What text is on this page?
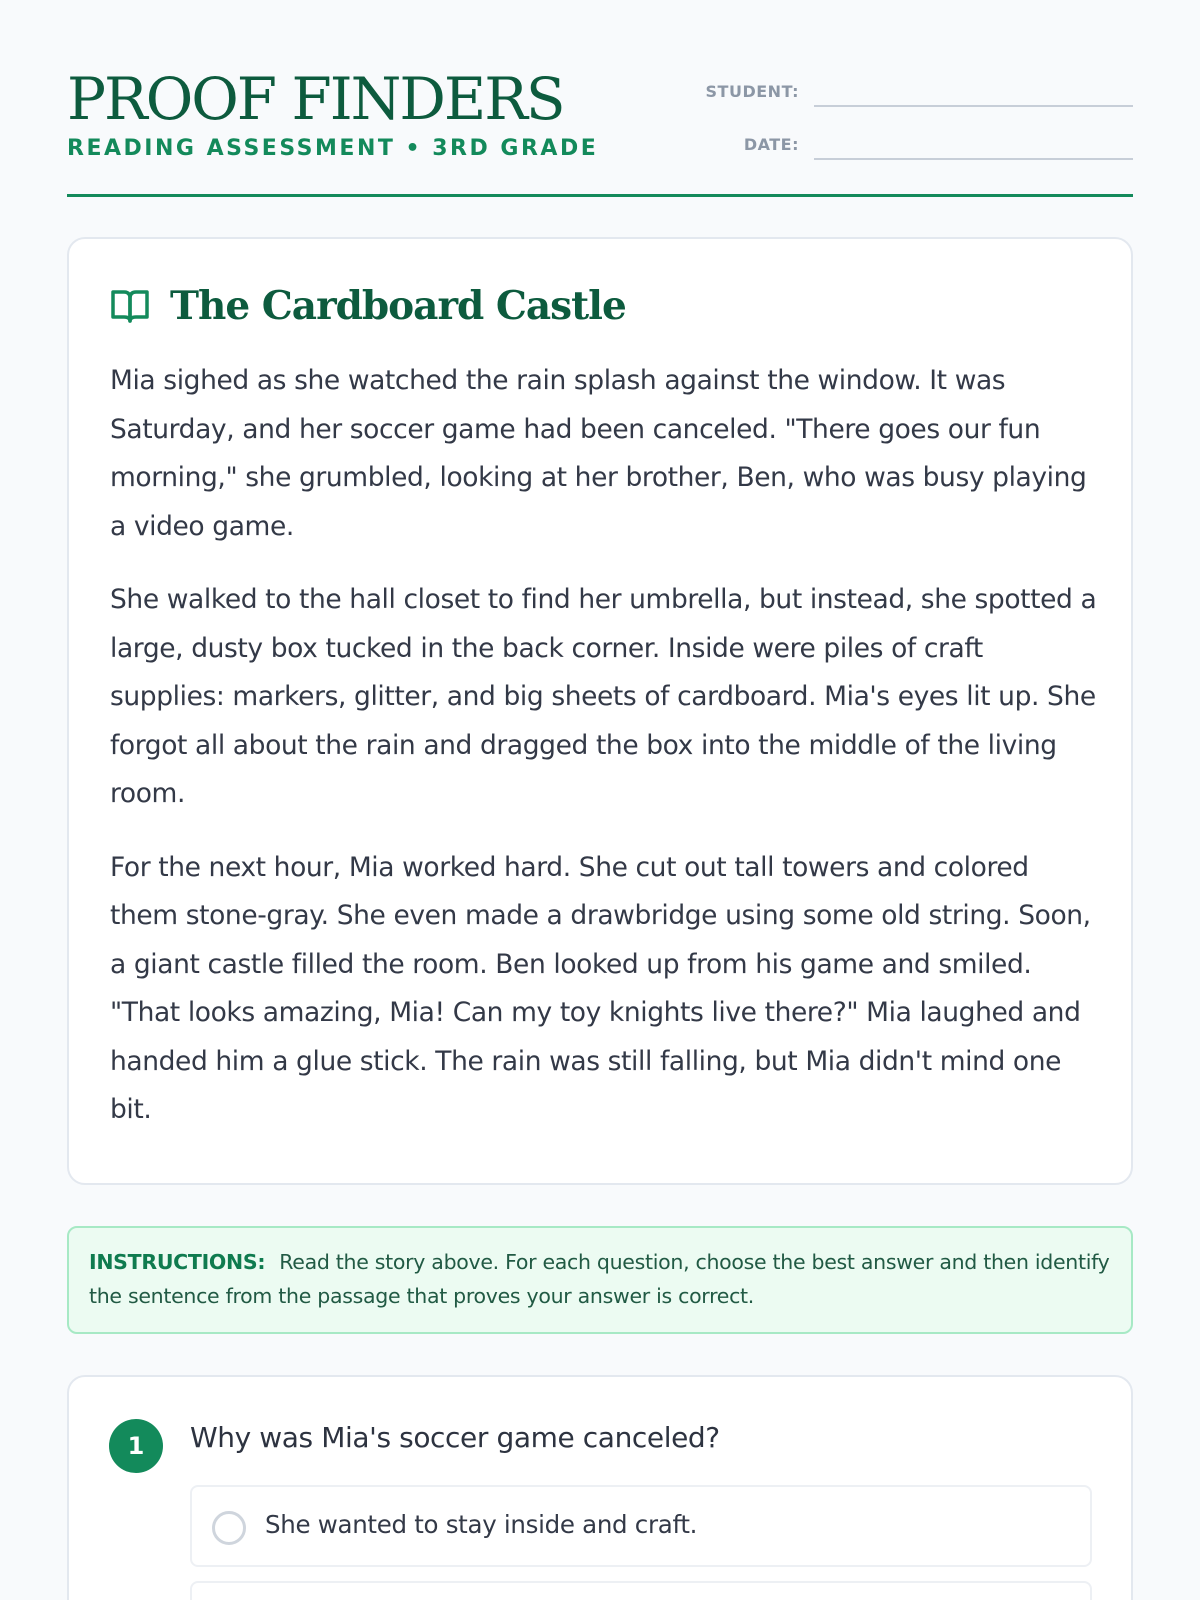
PROOF FINDERS
READING ASSESSMENT • 3RD GRADE
STUDENT:
DATE:
The Cardboard Castle

Mia sighed as she watched the rain splash against the window. It was Saturday, and her soccer game had been canceled. "There goes our fun morning," she grumbled, looking at her brother, Ben, who was busy playing a video game.

She walked to the hall closet to find her umbrella, but instead, she spotted a large, dusty box tucked in the back corner. Inside were piles of craft supplies: markers, glitter, and big sheets of cardboard. Mia's eyes lit up. She forgot all about the rain and dragged the box into the middle of the living room.

For the next hour, Mia worked hard. She cut out tall towers and colored them stone-gray. She even made a drawbridge using some old string. Soon, a giant castle filled the room. Ben looked up from his game and smiled. "That looks amazing, Mia! Can my toy knights live there?" Mia laughed and handed him a glue stick. The rain was still falling, but Mia didn't mind one bit.

INSTRUCTIONS: Read the story above. For each question, choose the best answer and then identify the sentence from the passage that proves your answer is correct.
1	Why was Mia's soccer game canceled?
She wanted to stay inside and craft.
